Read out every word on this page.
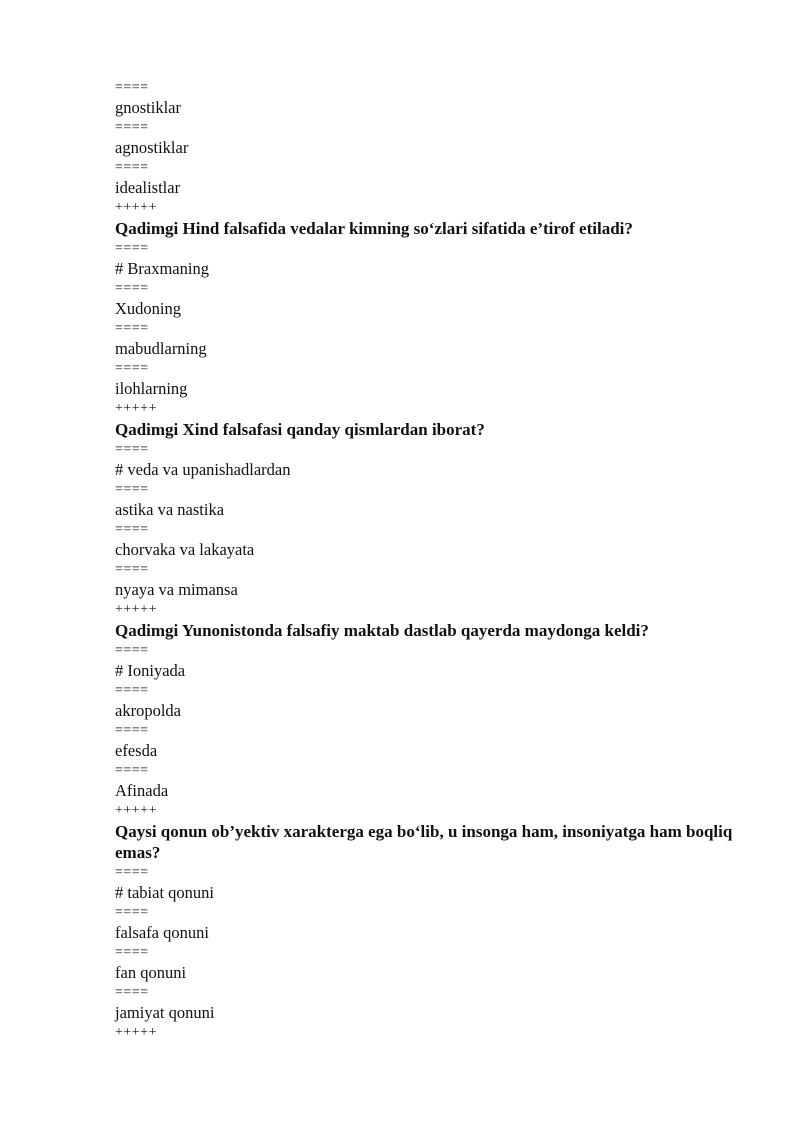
====
gnostiklar
====
agnostiklar
====
idealistlar
+++++
Qadimgi Hind falsafida vedalar kimning so‘zlari sifatida e’tirof etiladi?
====
# Braxmaning
====
Xudoning
====
mabudlarning
====
ilohlarning
+++++
Qadimgi Xind falsafasi qanday qismlardan iborat?
====
# veda va upanishadlardan
====
astika va nastika
====
chorvaka va lakayata
====
nyaya va mimansa
+++++
Qadimgi Yunonistonda falsafiy maktab dastlab qayerda maydonga keldi?
====
# Ioniyada
====
akropolda
====
efesda
====
Afinada
+++++
Qaysi qonun ob’yektiv xarakterga ega bo‘lib, u insonga ham, insoniyatga ham boqliq emas?
====
# tabiat qonuni
====
falsafa qonuni
====
fan qonuni
====
jamiyat qonuni
+++++
